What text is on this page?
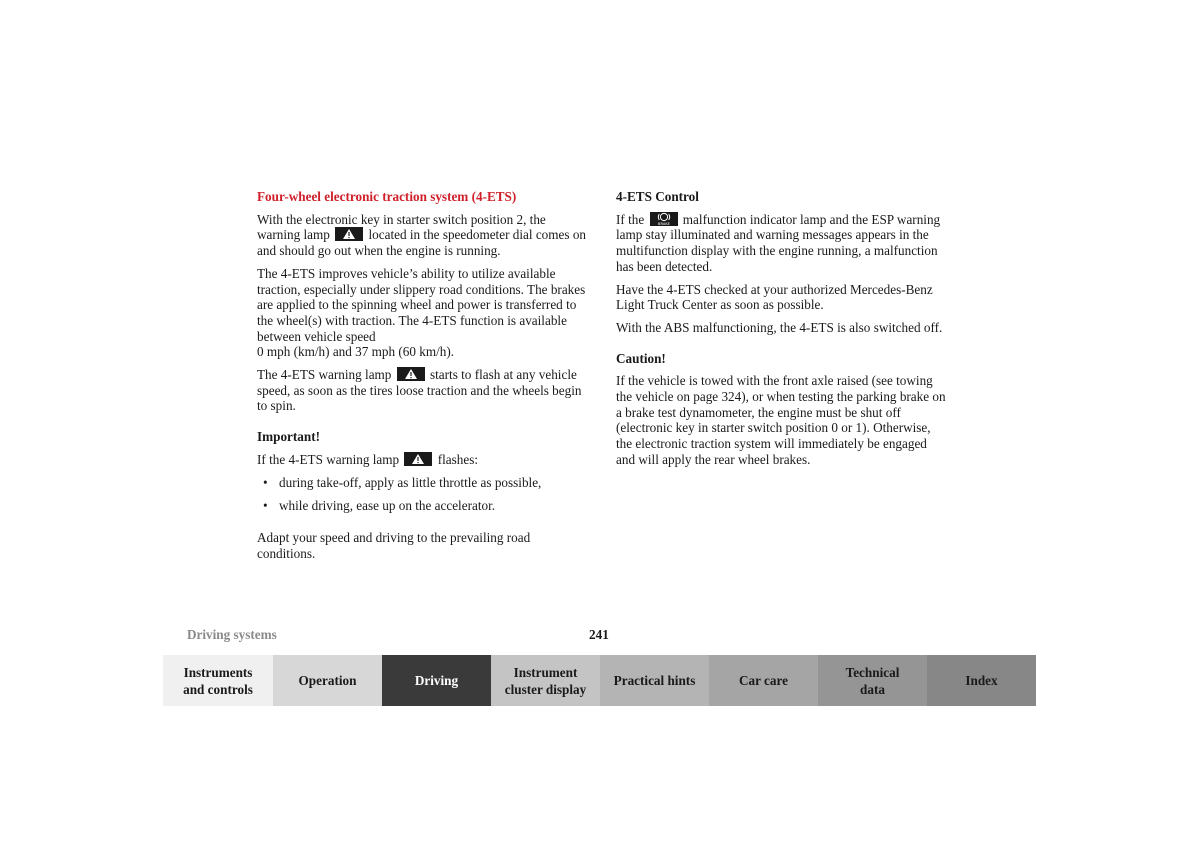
Four-wheel electronic traction system (4-ETS)

With the electronic key in starter switch position 2, the warning lamp	located in the speedometer dial comes on and should go out when the engine is running.

The 4-ETS improves vehicle’s ability to utilize available traction, especially under slippery road conditions. The brakes are applied to the spinning wheel and power is transferred to the wheel(s) with traction. The 4-ETS function is available between vehicle speed
0 mph (km/h) and 37 mph (60 km/h).

The 4-ETS warning lamp	starts to flash at any vehicle speed, as soon as the tires loose traction and the wheels begin to spin.

Important!

If the 4-ETS warning lamp	flashes:

• during take-off, apply as little throttle as possible,
• while driving, ease up on the accelerator.

Adapt your speed and driving to the prevailing road conditions.

4-ETS Control

If the	BRAKE malfunction indicator lamp and the ESP warning lamp stay illuminated and warning messages appears in the multifunction display with the engine running, a malfunction has been detected.

Have the 4-ETS checked at your authorized Mercedes-Benz Light Truck Center as soon as possible.

With the ABS malfunctioning, the 4-ETS is also switched off.

Caution!

If the vehicle is towed with the front axle raised (see towing the vehicle on page 324), or when testing the parking brake on a brake test dynamometer, the engine must be shut off (electronic key in starter switch position 0 or 1). Otherwise, the electronic traction system will immediately be engaged and will apply the rear wheel brakes.

Driving systems	241
Instruments
and controls
Operation	Driving
Instrument
cluster display
Practical hints	Car care
Technical
data
Index
